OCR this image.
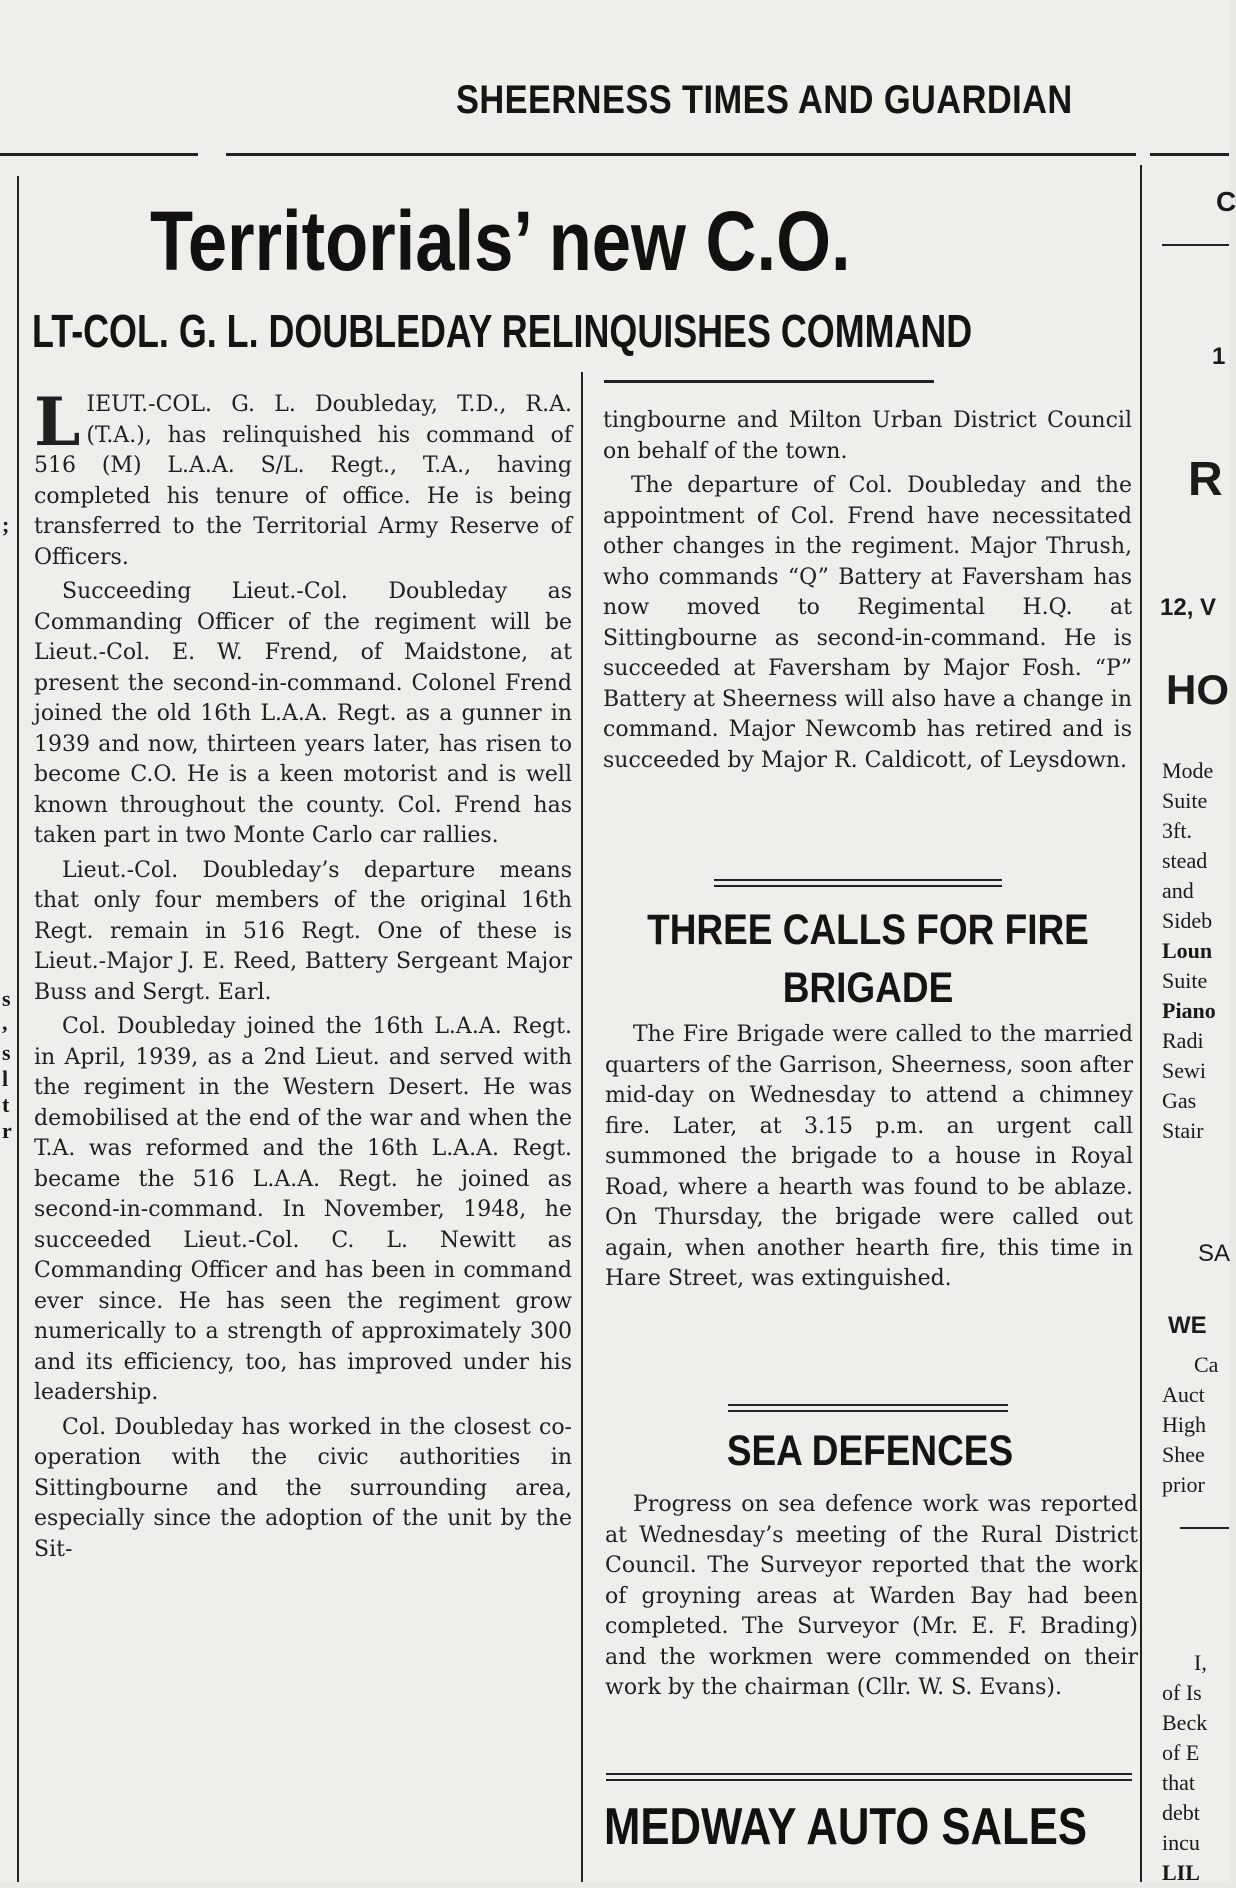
SHEERNESS TIMES AND GUARDIAN
Territorials’ new C.O.
LT-COL. G. L. DOUBLEDAY RELINQUISHES COMMAND

LIEUT.-COL. G. L. Doubleday, T.D., R.A. (T.A.), has relinquished his command of 516 (M) L.A.A. S/L. Regt., T.A., having completed his tenure of office. He is being transferred to the Territorial Army Reserve of Officers.

Succeeding Lieut.-Col. Doubleday as Commanding Officer of the regiment will be Lieut.-Col. E. W. Frend, of Maidstone, at present the second-in-command. Colonel Frend joined the old 16th L.A.A. Regt. as a gunner in 1939 and now, thirteen years later, has risen to become C.O. He is a keen motorist and is well known throughout the county. Col. Frend has taken part in two Monte Carlo car rallies.

Lieut.-Col. Doubleday’s departure means that only four members of the original 16th Regt. remain in 516 Regt. One of these is Lieut.-Major J. E. Reed, Battery Sergeant Major Buss and Sergt. Earl.

Col. Doubleday joined the 16th L.A.A. Regt. in April, 1939, as a 2nd Lieut. and served with the regiment in the Western Desert. He was demobilised at the end of the war and when the T.A. was reformed and the 16th L.A.A. Regt. became the 516 L.A.A. Regt. he joined as second-in-command. In November, 1948, he succeeded Lieut.-Col. C. L. Newitt as Commanding Officer and has been in command ever since. He has seen the regiment grow numerically to a strength of approximately 300 and its efficiency, too, has improved under his leadership.

Col. Doubleday has worked in the closest co-operation with the civic authorities in Sittingbourne and the surrounding area, especially since the adoption of the unit by the Sit-

tingbourne and Milton Urban District Council on behalf of the town.

The departure of Col. Doubleday and the appointment of Col. Frend have necessitated other changes in the regiment. Major Thrush, who commands “Q” Battery at Faversham has now moved to Regimental H.Q. at Sittingbourne as second-in-command. He is succeeded at Faversham by Major Fosh. “P” Battery at Sheerness will also have a change in command. Major Newcomb has retired and is succeeded by Major R. Caldicott, of Leysdown.

THREE CALLS FOR FIRE BRIGADE

The Fire Brigade were called to the married quarters of the Garrison, Sheerness, soon after mid-day on Wednesday to attend a chimney fire. Later, at 3.15 p.m. an urgent call summoned the brigade to a house in Royal Road, where a hearth was found to be ablaze. On Thursday, the brigade were called out again, when another hearth fire, this time in Hare Street, was extinguished.

SEA DEFENCES

Progress on sea defence work was reported at Wednesday’s meeting of the Rural District Council. The Surveyor reported that the work of groyning areas at Warden Bay had been completed. The Surveyor (Mr. E. F. Brading) and the workmen were commended on their work by the chairman (Cllr. W. S. Evans).

MEDWAY AUTO SALES
C
1
R
12, V
HO
Mode
Suite
3ft.
stead
and
Sideb
Loun
Suite
Piano
Radi
Sewi
Gas
Stair
SA
WE
Ca
Auct
High
Shee
prior
I,
of Is
Beck
of E
that
debt
incu
LIL
;
s
,
s
l
t
r
